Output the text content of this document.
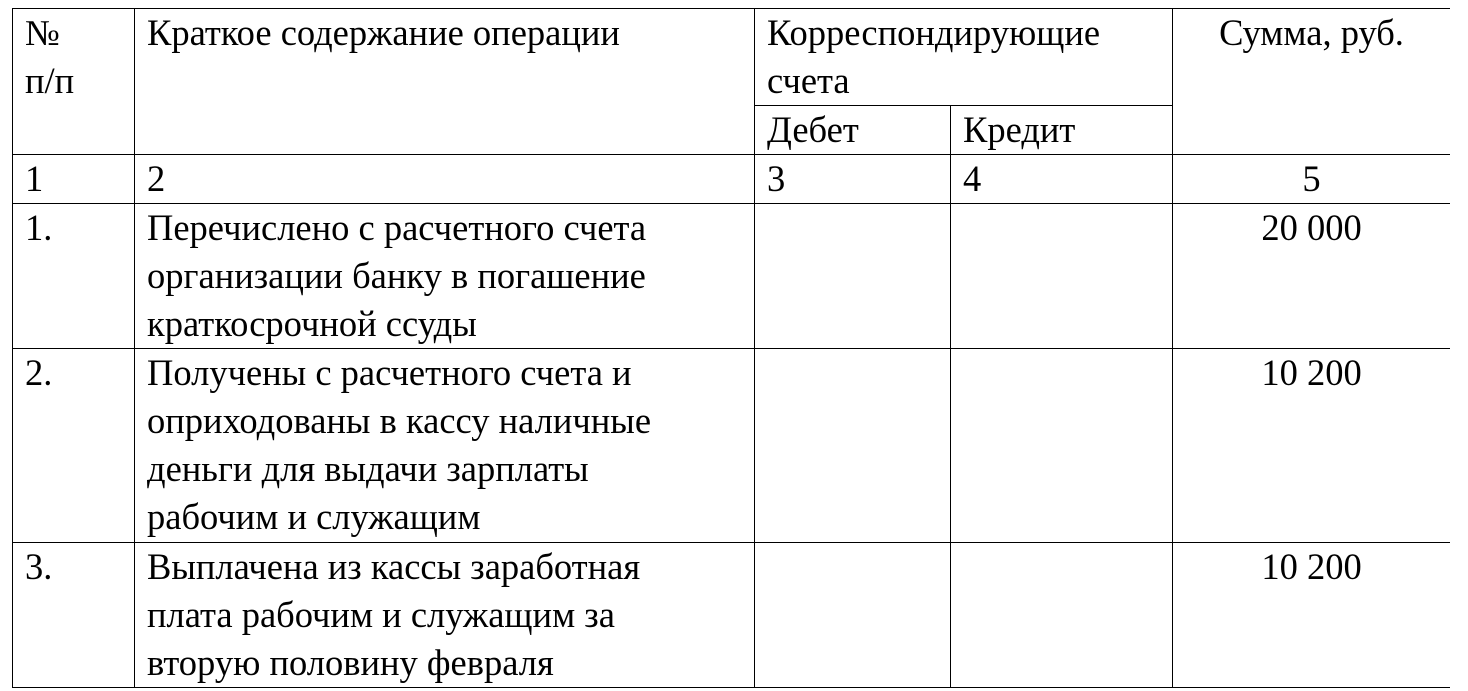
№
п/п	Краткое содержание операции	Корреспондирующие
счета		Сумма, руб.
		Дебет	Кредит	
1	2	3	4	5
1.	Перечислено с расчетного счета
организации банку в погашение
краткосрочной ссуды			20 000
2.	Получены с расчетного счета и
оприходованы в кассу наличные
деньги для выдачи зарплаты
рабочим и служащим			10 200
3.	Выплачена из кассы заработная
плата рабочим и служащим за
вторую половину февраля			10 200
